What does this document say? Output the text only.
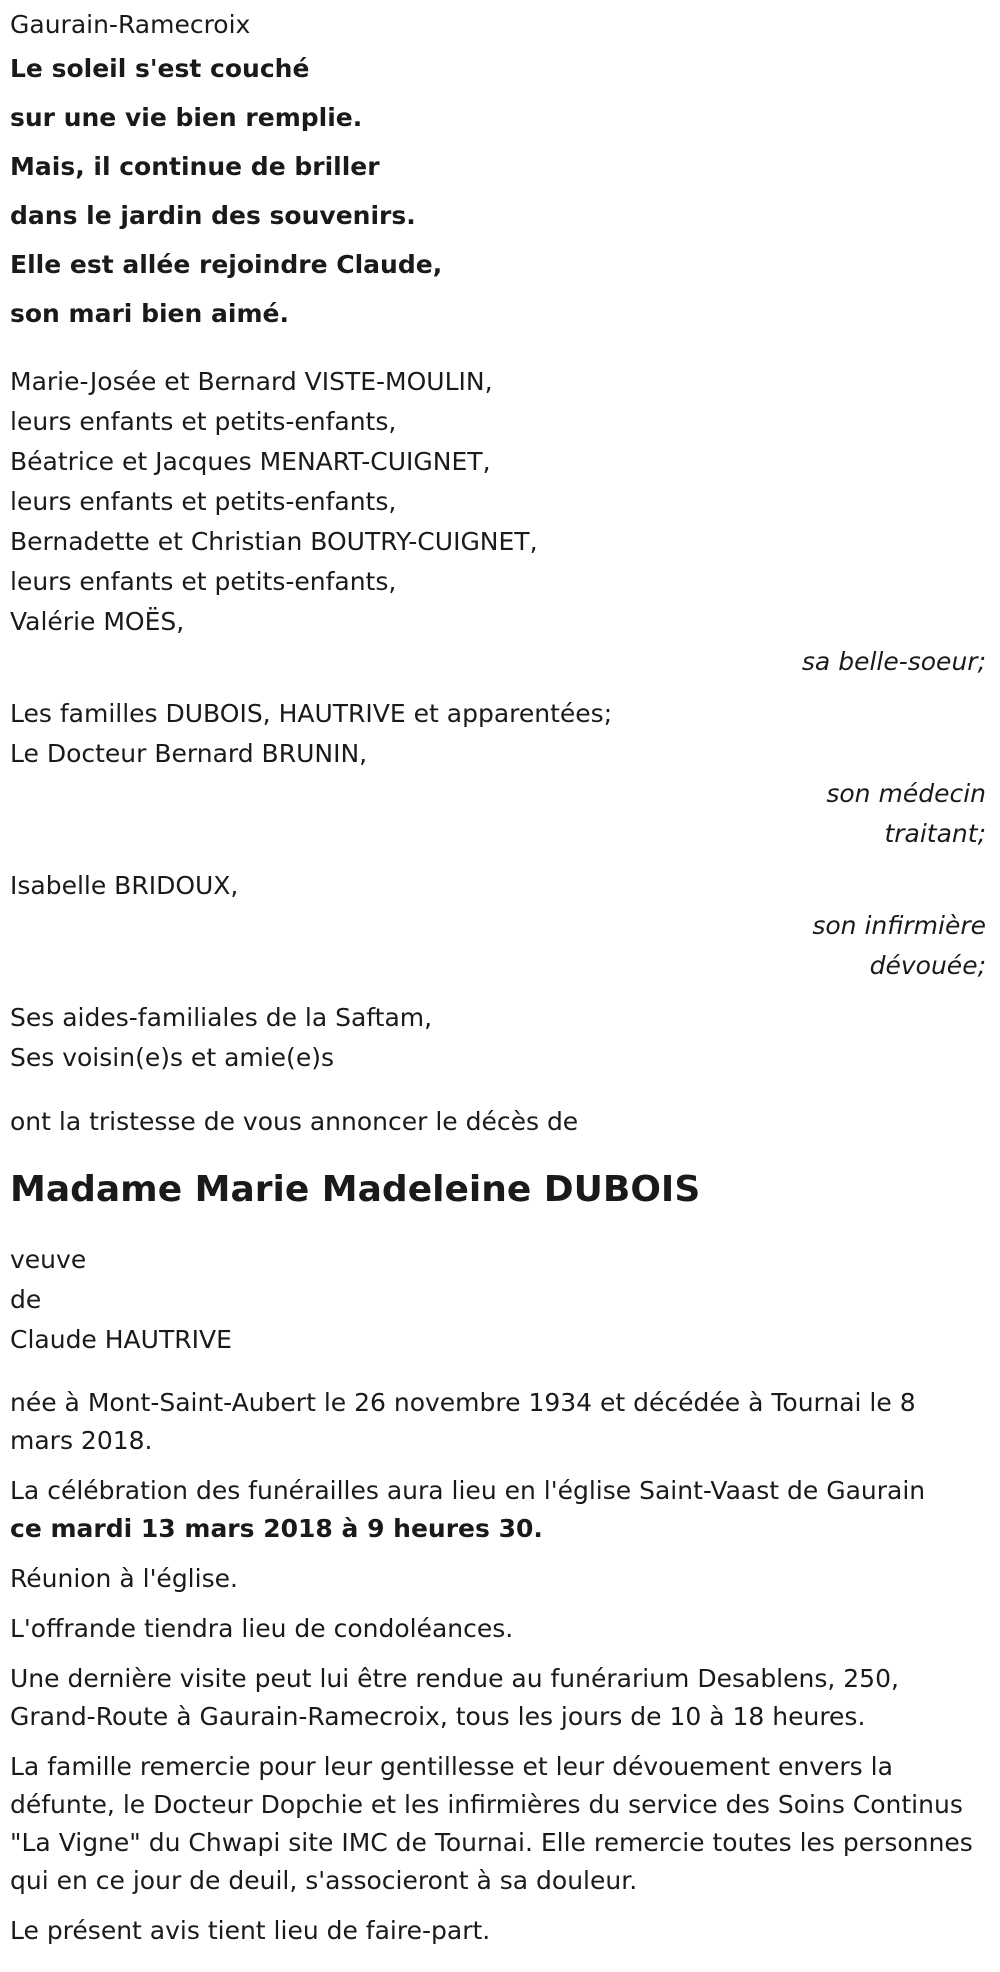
Gaurain-Ramecroix
Le soleil s'est couché
sur une vie bien remplie.
Mais, il continue de briller
dans le jardin des souvenirs.
Elle est allée rejoindre Claude,
son mari bien aimé.
Marie-Josée et Bernard VISTE-MOULIN,
leurs enfants et petits-enfants,
Béatrice et Jacques MENART-CUIGNET,
leurs enfants et petits-enfants,
Bernadette et Christian BOUTRY-CUIGNET,
leurs enfants et petits-enfants,
Valérie MOËS,
sa belle-soeur;
Les familles DUBOIS, HAUTRIVE et apparentées;
Le Docteur Bernard BRUNIN,
son médecin
traitant;
Isabelle BRIDOUX,
son infirmière
dévouée;
Ses aides-familiales de la Saftam,
Ses voisin(e)s et amie(e)s
ont la tristesse de vous annoncer le décès de
Madame Marie Madeleine DUBOIS
veuve
de
Claude HAUTRIVE

née à Mont-Saint-Aubert le 26 novembre 1934 et décédée à Tournai le 8 mars 2018.

La célébration des funérailles aura lieu en l'église Saint-Vaast de Gaurain
ce mardi 13 mars 2018 à 9 heures 30.

Réunion à l'église.

L'offrande tiendra lieu de condoléances.

Une dernière visite peut lui être rendue au funérarium Desablens, 250, Grand-Route à Gaurain-Ramecroix, tous les jours de 10 à 18 heures.

La famille remercie pour leur gentillesse et leur dévouement envers la défunte, le Docteur Dopchie et les infirmières du service des Soins Continus "La Vigne" du Chwapi site IMC de Tournai. Elle remercie toutes les personnes qui en ce jour de deuil, s'associeront à sa douleur.

Le présent avis tient lieu de faire-part.
